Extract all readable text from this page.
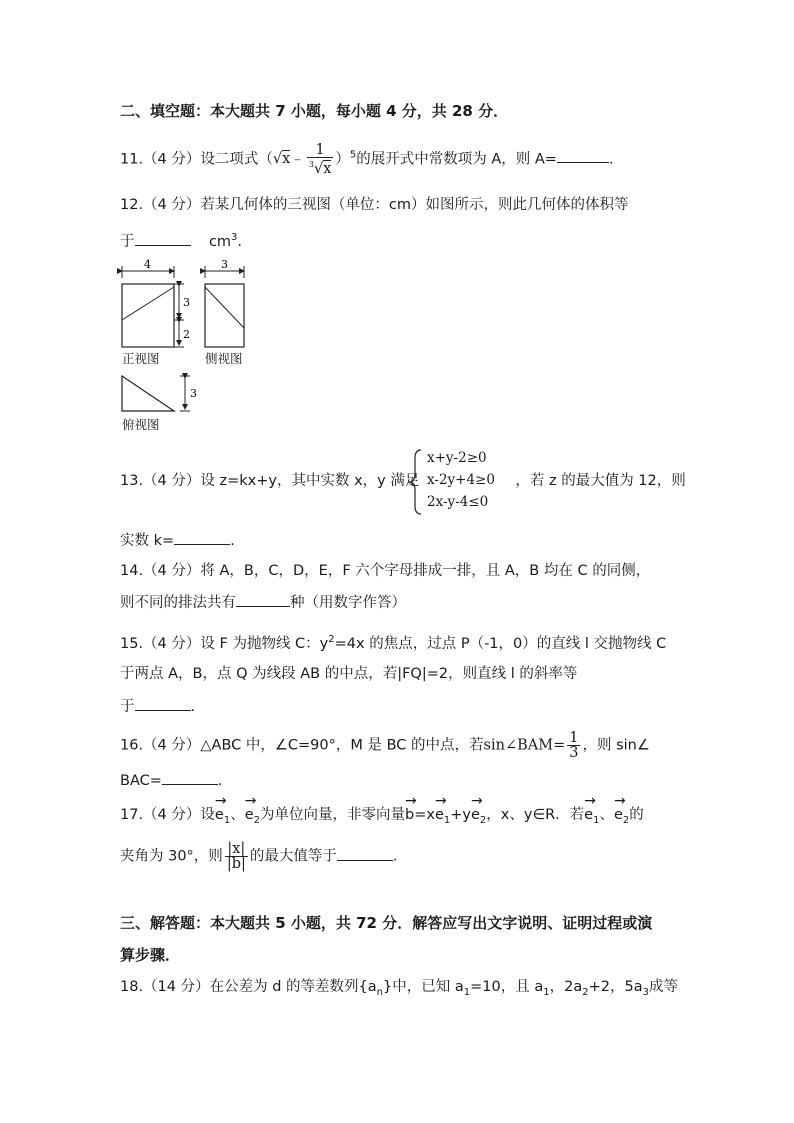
二、填空题：本大题共 7 小题，每小题 4 分，共 28 分．
11.（4 分）设二项式（√x﹣ $\frac{1}{^3√x} )^5$的展开式中常数项为 A，则 A=	.
12.（4 分）若某几何体的三视图（单位：cm）如图所示，则此几何体的体积等
于	$cm^3$.
4
3
2
3
3
正视图	侧视图
俯视图
13.（4 分）设 z=kx+y，其中实数 x，y 满足	，若 z 的最大值为 12，则
x+y-2≥0
x-2y+4≥0
2x-y-4≤0
实数 k=	.
14.（4 分）将 A，B，C，D，E，F 六个字母排成一排，且 A，B 均在 C 的同侧，
则不同的排法共有	种（用数字作答）
15.（4 分）设 F 为抛物线 C：$y^2=4x$ 的焦点，过点 P（-1，0）的直线 l 交抛物线 C
于两点 A，B，点 Q 为线段 AB 的中点，若|FQ|=2，则直线 l 的斜率等
于	.
16.（4 分）△ABC 中，∠C=90°，M 是 BC 的中点，若sin∠BAM= $\frac{1}{3}$ ，则 sin∠
BAC=	.
17.（4 分）设→ $e_1$、→ $e_2$为单位向量，非零向量→ $b=x\to e_1+y\to e_2$，x、y∈R．若→ $e_1$、→ $e_2$的
夹角为 30°，则 $\frac{|x|}{|b|}$ 的最大值等于	.
三、解答题：本大题共 5 小题，共 72 分．解答应写出文字说明、证明过程或演
算步骤．
18.（14 分）在公差为 d 的等差数列$\{a_n\}$中，已知 $a_1=10$，且 $a_1$，$2a_2+2$，$5a_3$成等
